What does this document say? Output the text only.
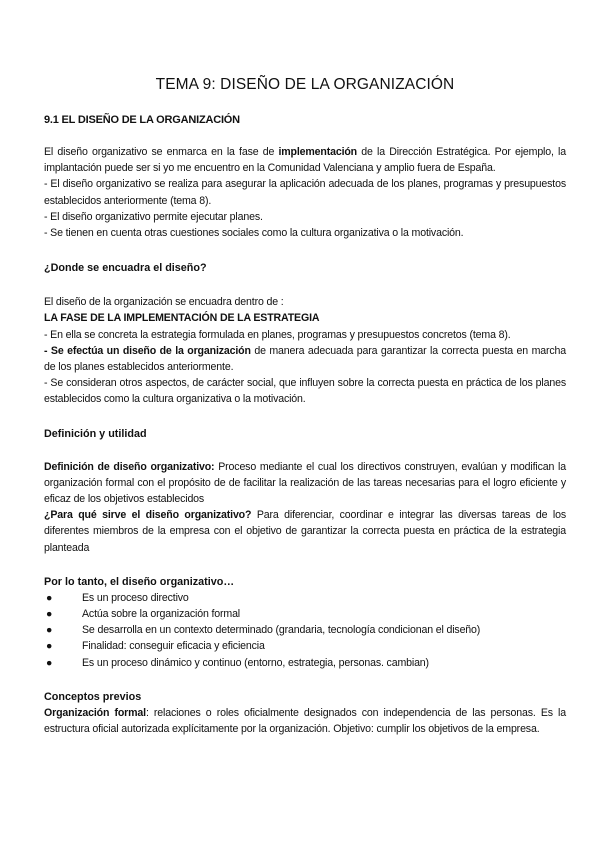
TEMA 9: DISEÑO DE LA ORGANIZACIÓN
9.1 EL DISEÑO DE LA ORGANIZACIÓN

El diseño organizativo se enmarca en la fase de implementación de la Dirección Estratégica. Por ejemplo, la implantación puede ser si yo me encuentro en la Comunidad Valenciana y amplio fuera de España.

- El diseño organizativo se realiza para asegurar la aplicación adecuada de los planes, programas y presupuestos establecidos anteriormente (tema 8).

- El diseño organizativo permite ejecutar planes.

- Se tienen en cuenta otras cuestiones sociales como la cultura organizativa o la motivación.

¿Donde se encuadra el diseño?

El diseño de la organización se encuadra dentro de :

LA FASE DE LA IMPLEMENTACIÓN DE LA ESTRATEGIA

- En ella se concreta la estrategia formulada en planes, programas y presupuestos concretos (tema 8).

- Se efectúa un diseño de la organización de manera adecuada para garantizar la correcta puesta en marcha de los planes establecidos anteriormente.

- Se consideran otros aspectos, de carácter social, que influyen sobre la correcta puesta en práctica de los planes establecidos como la cultura organizativa o la motivación.

Definición y utilidad

Definición de diseño organizativo: Proceso mediante el cual los directivos construyen, evalúan y modifican la organización formal con el propósito de de facilitar la realización de las tareas necesarias para el logro eficiente y eficaz de los objetivos establecidos

¿Para qué sirve el diseño organizativo? Para diferenciar, coordinar e integrar las diversas tareas de los diferentes miembros de la empresa con el objetivo de garantizar la correcta puesta en práctica de la estrategia planteada

Por lo tanto, el diseño organizativo…

●	Es un proceso directivo
●	Actúa sobre la organización formal
●	Se desarrolla en un contexto determinado (grandaria, tecnología condicionan el diseño)
●	Finalidad: conseguir eficacia y eficiencia
●	Es un proceso dinámico y continuo (entorno, estrategia, personas. cambian)

Conceptos previos

Organización formal: relaciones o roles oficialmente designados con independencia de las personas. Es la estructura oficial autorizada explícitamente por la organización. Objetivo: cumplir los objetivos de la empresa.
